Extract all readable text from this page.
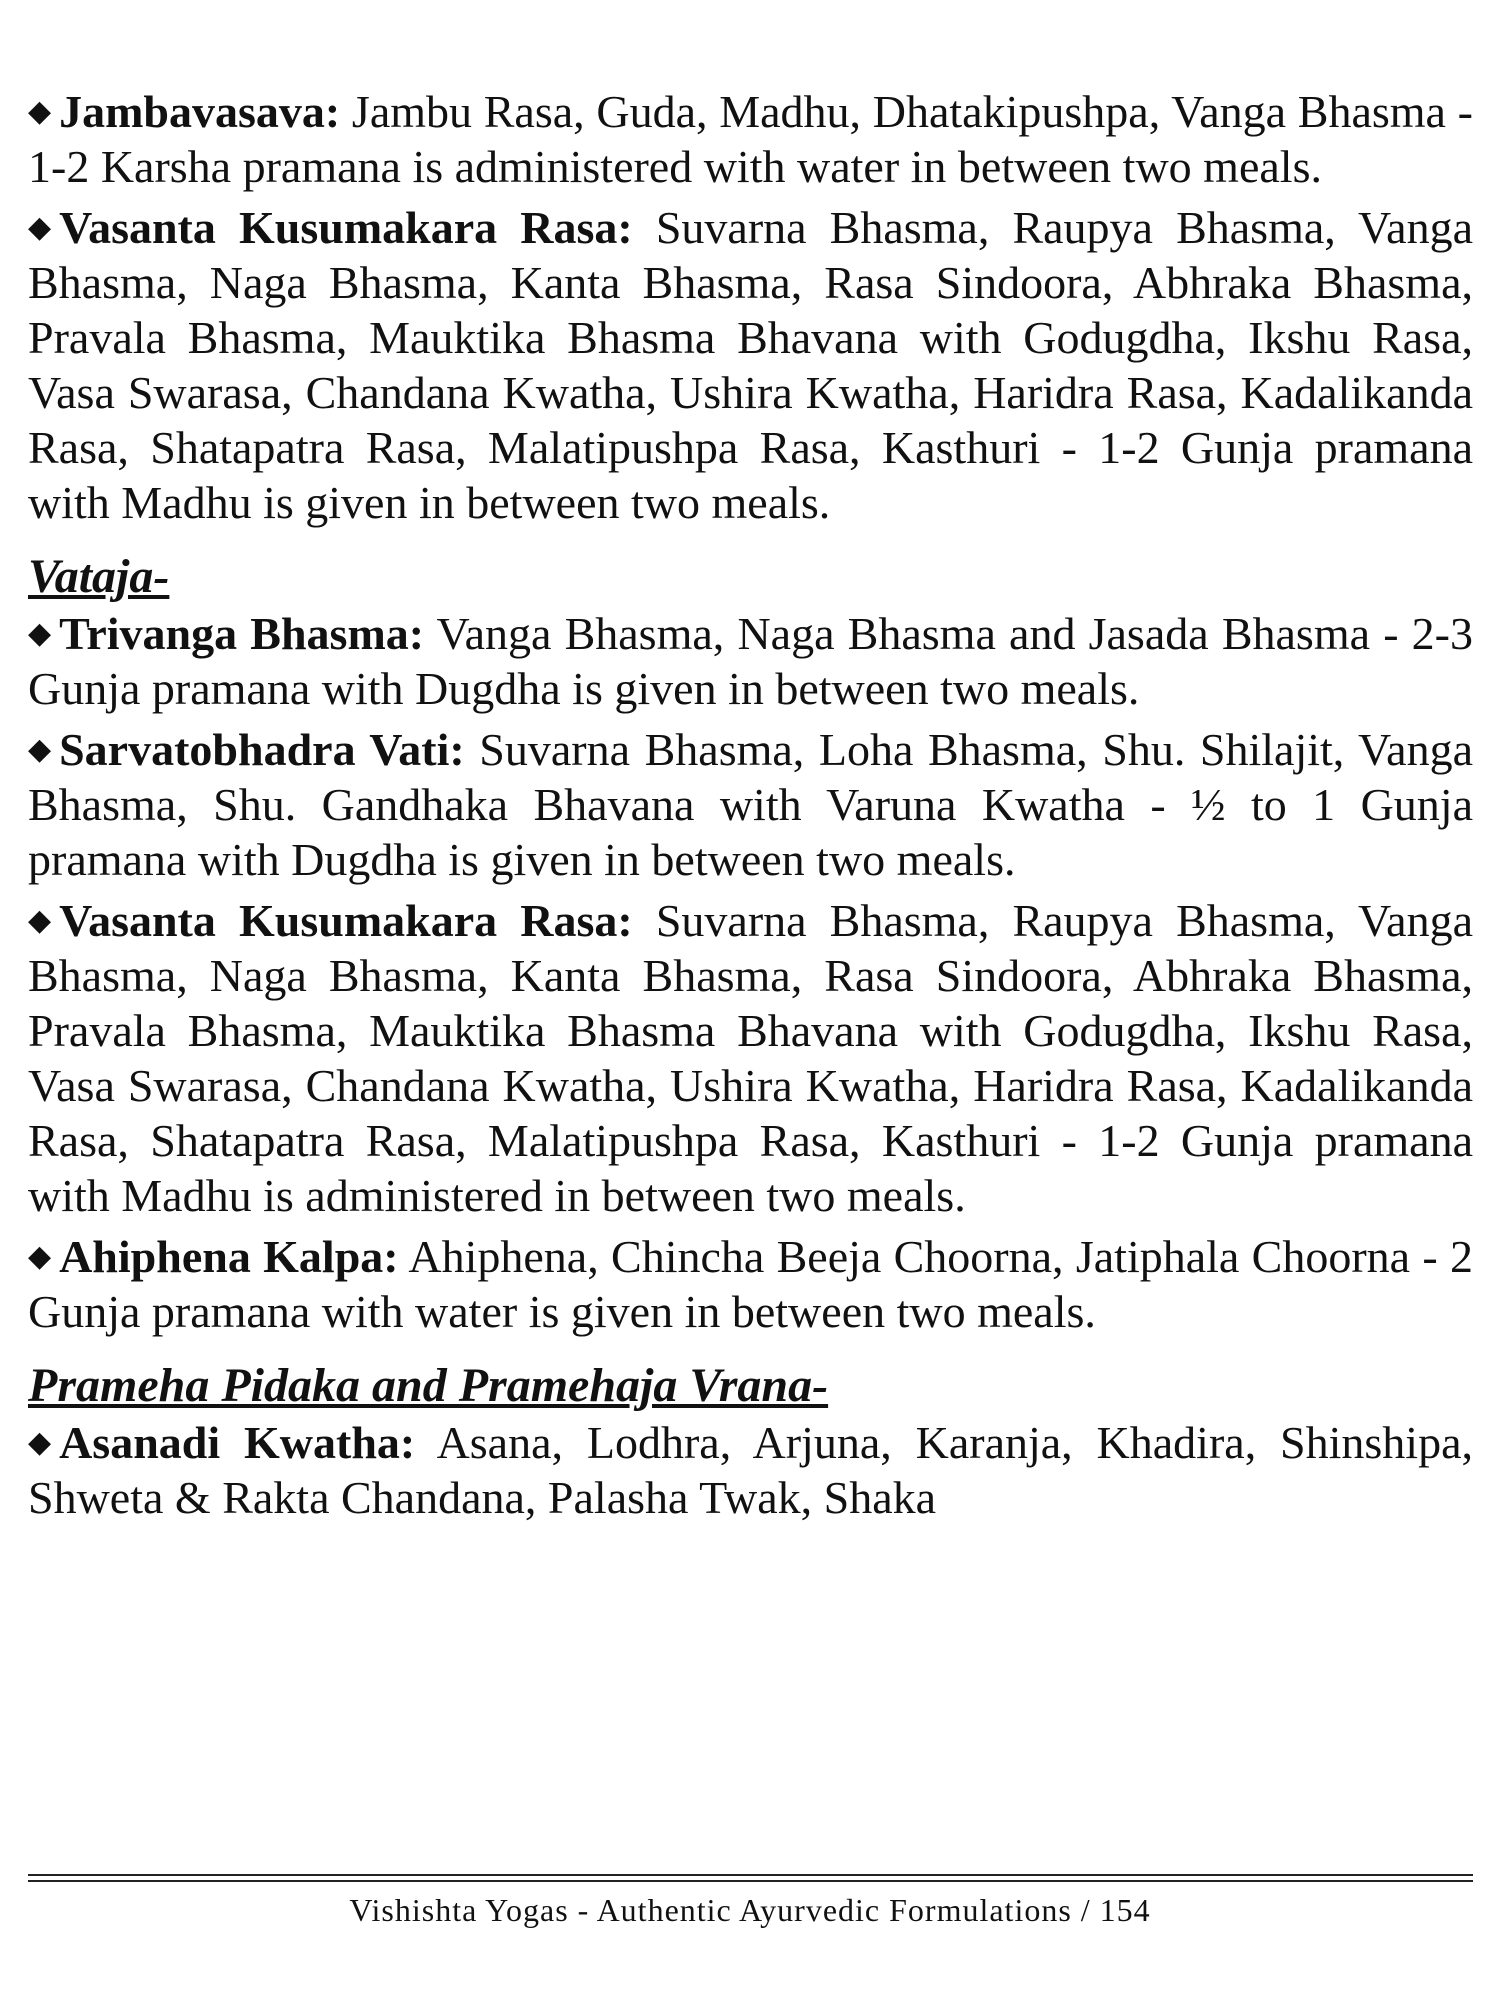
◆ Jambavasava: Jambu Rasa, Guda, Madhu, Dhatakipushpa, Vanga Bhasma - 1-2 Karsha pramana is administered with water in between two meals.

◆ Vasanta Kusumakara Rasa: Suvarna Bhasma, Raupya Bhasma, Vanga Bhasma, Naga Bhasma, Kanta Bhasma, Rasa Sindoora, Abhraka Bhasma, Pravala Bhasma, Mauktika Bhasma Bhavana with Godugdha, Ikshu Rasa, Vasa Swarasa, Chandana Kwatha, Ushira Kwatha, Haridra Rasa, Kadalikanda Rasa, Shatapatra Rasa, Malatipushpa Rasa, Kasthuri - 1-2 Gunja pramana with Madhu is given in between two meals.

Vataja-

◆ Trivanga Bhasma: Vanga Bhasma, Naga Bhasma and Jasada Bhasma - 2-3 Gunja pramana with Dugdha is given in between two meals.

◆ Sarvatobhadra Vati: Suvarna Bhasma, Loha Bhasma, Shu. Shilajit, Vanga Bhasma, Shu. Gandhaka Bhavana with Varuna Kwatha - ½ to 1 Gunja pramana with Dugdha is given in between two meals.

◆ Vasanta Kusumakara Rasa: Suvarna Bhasma, Raupya Bhasma, Vanga Bhasma, Naga Bhasma, Kanta Bhasma, Rasa Sindoora, Abhraka Bhasma, Pravala Bhasma, Mauktika Bhasma Bhavana with Godugdha, Ikshu Rasa, Vasa Swarasa, Chandana Kwatha, Ushira Kwatha, Haridra Rasa, Kadalikanda Rasa, Shatapatra Rasa, Malatipushpa Rasa, Kasthuri - 1-2 Gunja pramana with Madhu is administered in between two meals.

◆ Ahiphena Kalpa: Ahiphena, Chincha Beeja Choorna, Jatiphala Choorna - 2 Gunja pramana with water is given in between two meals.

Prameha Pidaka and Pramehaja Vrana-

◆ Asanadi Kwatha: Asana, Lodhra, Arjuna, Karanja, Khadira, Shinshipa, Shweta & Rakta Chandana, Palasha Twak, Shaka

Vishishta Yogas - Authentic Ayurvedic Formulations / 154
